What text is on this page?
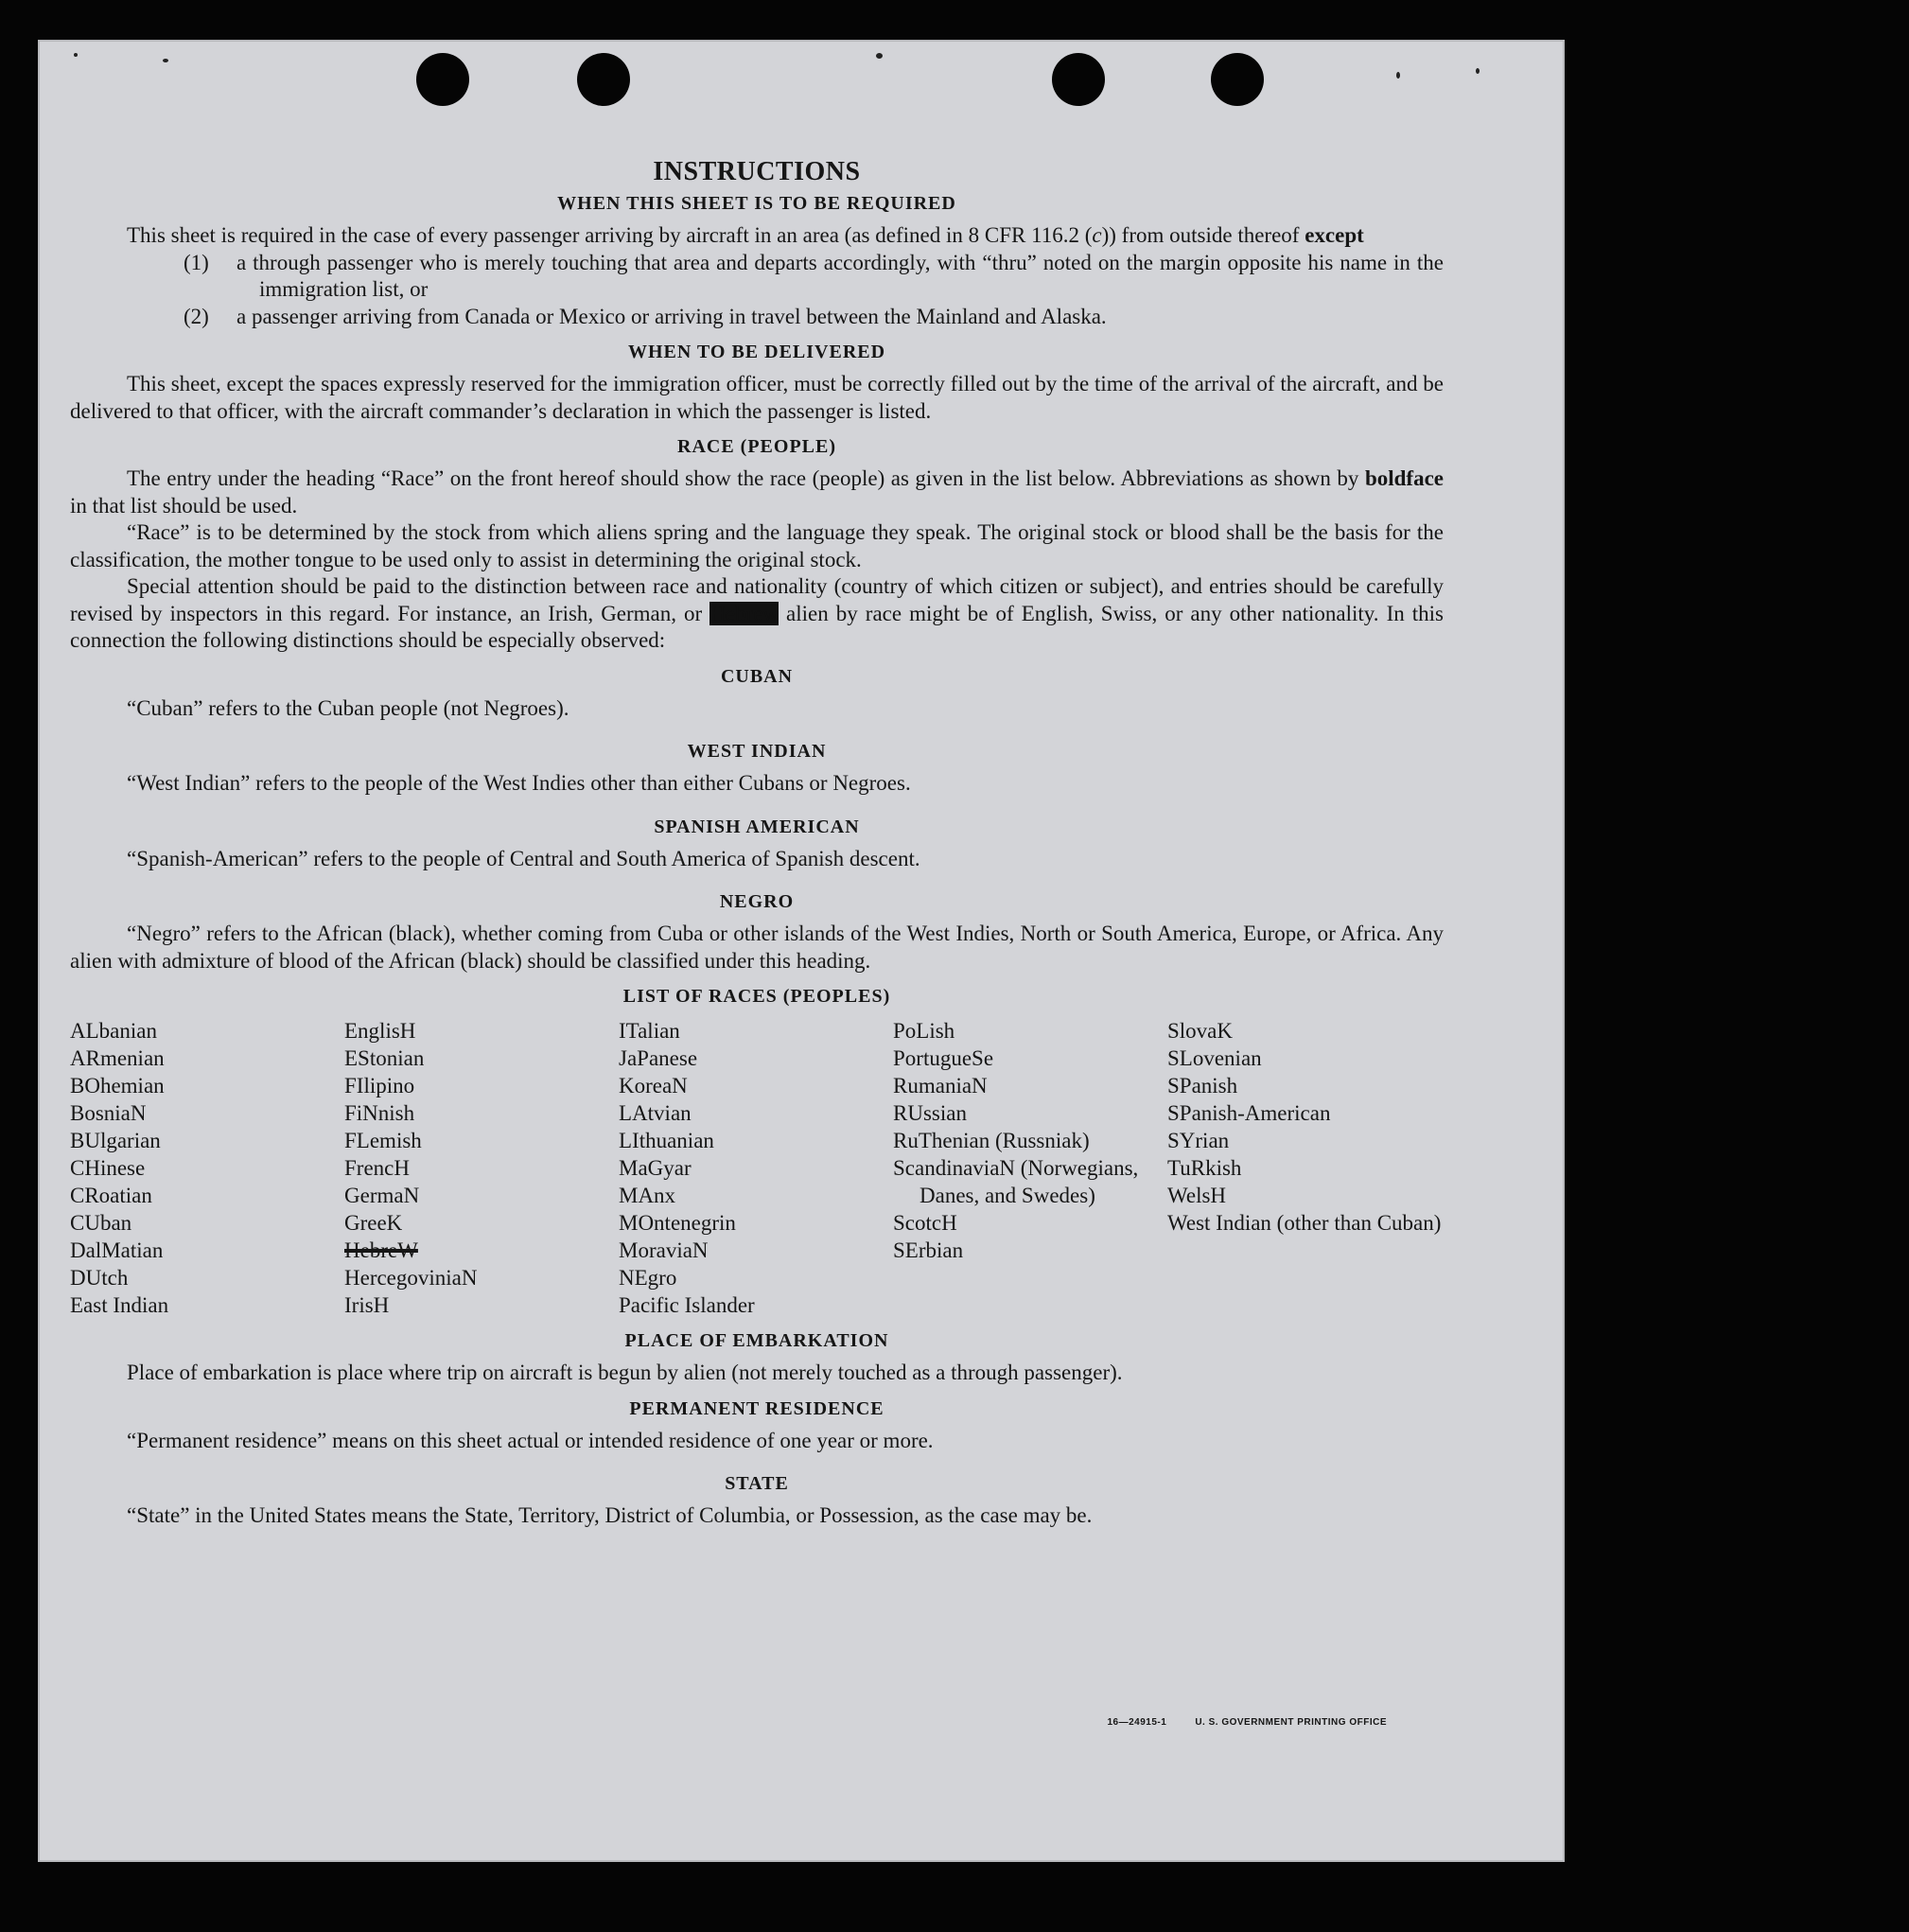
INSTRUCTIONS
WHEN THIS SHEET IS TO BE REQUIRED

This sheet is required in the case of every passenger arriving by aircraft in an area (as defined in 8 CFR 116.2 (c)) from outside thereof except

(1)	a through passenger who is merely touching that area and departs accordingly, with “thru” noted on the margin opposite his name in the immigration list, or
(2)	a passenger arriving from Canada or Mexico or arriving in travel between the Mainland and Alaska.
WHEN TO BE DELIVERED

This sheet, except the spaces expressly reserved for the immigration officer, must be correctly filled out by the time of the arrival of the aircraft, and be delivered to that officer, with the aircraft commander’s declaration in which the passenger is listed.

RACE (PEOPLE)

The entry under the heading “Race” on the front hereof should show the race (people) as given in the list below. Abbreviations as shown by boldface in that list should be used.

“Race” is to be determined by the stock from which aliens spring and the language they speak. The original stock or blood shall be the basis for the classification, the mother tongue to be used only to assist in determining the original stock.

Special attention should be paid to the distinction between race and nationality (country of which citizen or subject), and entries should be carefully revised by inspectors in this regard. For instance, an Irish, German, or Hebrew alien by race might be of English, Swiss, or any other nationality. In this connection the following distinctions should be especially observed:

CUBAN

“Cuban” refers to the Cuban people (not Negroes).

WEST INDIAN

“West Indian” refers to the people of the West Indies other than either Cubans or Negroes.

SPANISH AMERICAN

“Spanish-American” refers to the people of Central and South America of Spanish descent.

NEGRO

“Negro” refers to the African (black), whether coming from Cuba or other islands of the West Indies, North or South America, Europe, or Africa. Any alien with admixture of blood of the African (black) should be classified under this heading.

LIST OF RACES (PEOPLES)
ALbanian
ARmenian
BOhemian
BosniaN
BUlgarian
CHinese
CRoatian
CUban
DalMatian
DUtch
East Indian
EnglisH
EStonian
FIlipino
FiNnish
FLemish
FrencH
GermaN
GreeK
HebreW
HercegoviniaN
IrisH
ITalian
JaPanese
KoreaN
LAtvian
LIthuanian
MaGyar
MAnx
MOntenegrin
MoraviaN
NEgro
Pacific Islander
PoLish
PortugueSe
RumaniaN
RUssian
RuThenian (Russniak)
ScandinaviaN (Norwegians, Danes, and Swedes)
ScotcH
SErbian
SlovaK
SLovenian
SPanish
SPanish-American
SYrian
TuRkish
WelsH
West Indian (other than Cuban)
PLACE OF EMBARKATION

Place of embarkation is place where trip on aircraft is begun by alien (not merely touched as a through passenger).

PERMANENT RESIDENCE

“Permanent residence” means on this sheet actual or intended residence of one year or more.

STATE

“State” in the United States means the State, Territory, District of Columbia, or Possession, as the case may be.

16—24915-1	U. S. GOVERNMENT PRINTING OFFICE
